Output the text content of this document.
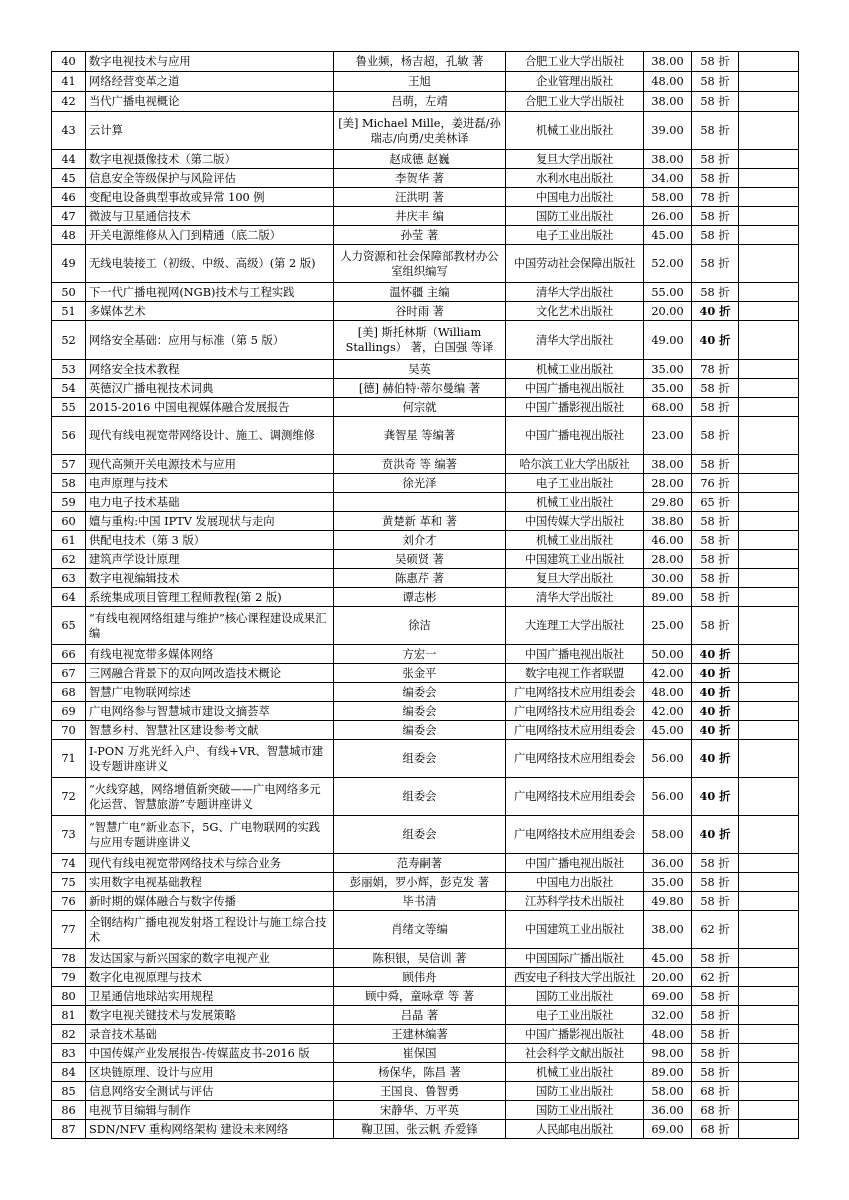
40	数字电视技术与应用	鲁业频，杨吉超，孔敏 著	合肥工业大学出版社	38.00	58 折	
41	网络经营变革之道	王旭	企业管理出版社	48.00	58 折	
42	当代广播电视概论	吕萌，左靖	合肥工业大学出版社	38.00	58 折	
43	云计算	[美] Michael Mille，姜进磊/孙瑞志/向勇/史美林译	机械工业出版社	39.00	58 折	
44	数字电视摄像技术（第二版）	赵成德 赵巍	复旦大学出版社	38.00	58 折	
45	信息安全等级保护与风险评估	李贺华 著	水利水电出版社	34.00	58 折	
46	变配电设备典型事故或异常 100 例	汪洪明 著	中国电力出版社	58.00	78 折	
47	微波与卫星通信技术	井庆丰 编	国防工业出版社	26.00	58 折	
48	开关电源维修从入门到精通（底二版）	孙莹 著	电子工业出版社	45.00	58 折	
49	无线电装接工（初级、中级、高级）(第 2 版)	人力资源和社会保障部教材办公室组织编写	中国劳动社会保障出版社	52.00	58 折	
50	下一代广播电视网(NGB)技术与工程实践	温怀疆 主编	清华大学出版社	55.00	58 折	
51	多媒体艺术	谷时雨 著	文化艺术出版社	20.00	40 折	
52	网络安全基础：应用与标准（第 5 版）	[美] 斯托林斯（William Stallings） 著，白国强 等译	清华大学出版社	49.00	40 折	
53	网络安全技术教程	吴英	机械工业出版社	35.00	78 折	
54	英德汉广播电视技术词典	[德] 赫伯特·蒂尔曼编 著	中国广播电视出版社	35.00	58 折	
55	2015-2016 中国电视媒体融合发展报告	何宗就	中国广播影视出版社	68.00	58 折	
56	现代有线电视宽带网络设计、施工、调测维修	龚智星 等编著	中国广播电视出版社	23.00	58 折	
57	现代高频开关电源技术与应用	贲洪奇 等 编著	哈尔滨工业大学出版社	38.00	58 折	
58	电声原理与技术	徐光泽	电子工业出版社	28.00	76 折	
59	电力电子技术基础		机械工业出版社	29.80	65 折	
60	嬗与重构:中国 IPTV 发展现状与走向	黄楚新 革和 著	中国传媒大学出版社	38.80	58 折	
61	供配电技术（第 3 版）	刘介才	机械工业出版社	46.00	58 折	
62	建筑声学设计原理	吴硕贤 著	中国建筑工业出版社	28.00	58 折	
63	数字电视编辑技术	陈惠芹 著	复旦大学出版社	30.00	58 折	
64	系统集成项目管理工程师教程(第 2 版)	谭志彬	清华大学出版社	89.00	58 折	
65	“有线电视网络组建与维护”核心课程建设成果汇编	徐洁	大连理工大学出版社	25.00	58 折	
66	有线电视宽带多媒体网络	方宏一	中国广播电视出版社	50.00	40 折	
67	三网融合背景下的双向网改造技术概论	张金平	数字电视工作者联盟	42.00	40 折	
68	智慧广电物联网综述	编委会	广电网络技术应用组委会	48.00	40 折	
69	广电网络参与智慧城市建设文摘荟萃	编委会	广电网络技术应用组委会	42.00	40 折	
70	智慧乡村、智慧社区建设参考文献	编委会	广电网络技术应用组委会	45.00	40 折	
71	I-PON 万兆光纤入户、有线+VR、智慧城市建设专题讲座讲义	组委会	广电网络技术应用组委会	56.00	40 折	
72	“火线穿越，网络增值新突破——广电网络多元化运营、智慧旅游”专题讲座讲义	组委会	广电网络技术应用组委会	56.00	40 折	
73	“智慧广电”新业态下，5G、广电物联网的实践与应用专题讲座讲义	组委会	广电网络技术应用组委会	58.00	40 折	
74	现代有线电视宽带网络技术与综合业务	范寿嗣著	中国广播电视出版社	36.00	58 折	
75	实用数字电视基础教程	彭丽娟，罗小辉，彭克发 著	中国电力出版社	35.00	58 折	
76	新时期的媒体融合与数字传播	毕书清	江苏科学技术出版社	49.80	58 折	
77	全钢结构广播电视发射塔工程设计与施工综合技术	肖绪文等编	中国建筑工业出版社	38.00	62 折	
78	发达国家与新兴国家的数字电视产业	陈积银，吴信训 著	中国国际广播出版社	45.00	58 折	
79	数字化电视原理与技术	顾伟舟	西安电子科技大学出版社	20.00	62 折	
80	卫星通信地球站实用规程	顾中舜，童咏章 等 著	国防工业出版社	69.00	58 折	
81	数字电视关键技术与发展策略	吕晶 著	电子工业出版社	32.00	58 折	
82	录音技术基础	王建林编著	中国广播影视出版社	48.00	58 折	
83	中国传媒产业发展报告-传媒蓝皮书-2016 版	崔保国	社会科学文献出版社	98.00	58 折	
84	区块链原理、设计与应用	杨保华，陈昌 著	机械工业出版社	89.00	58 折	
85	信息网络安全测试与评估	王国良、鲁智勇	国防工业出版社	58.00	68 折	
86	电视节目编辑与制作	宋静华、万平英	国防工业出版社	36.00	68 折	
87	SDN/NFV 重构网络架构 建设未来网络	鞠卫国、张云帆 乔爱锋	人民邮电出版社	69.00	68 折	
